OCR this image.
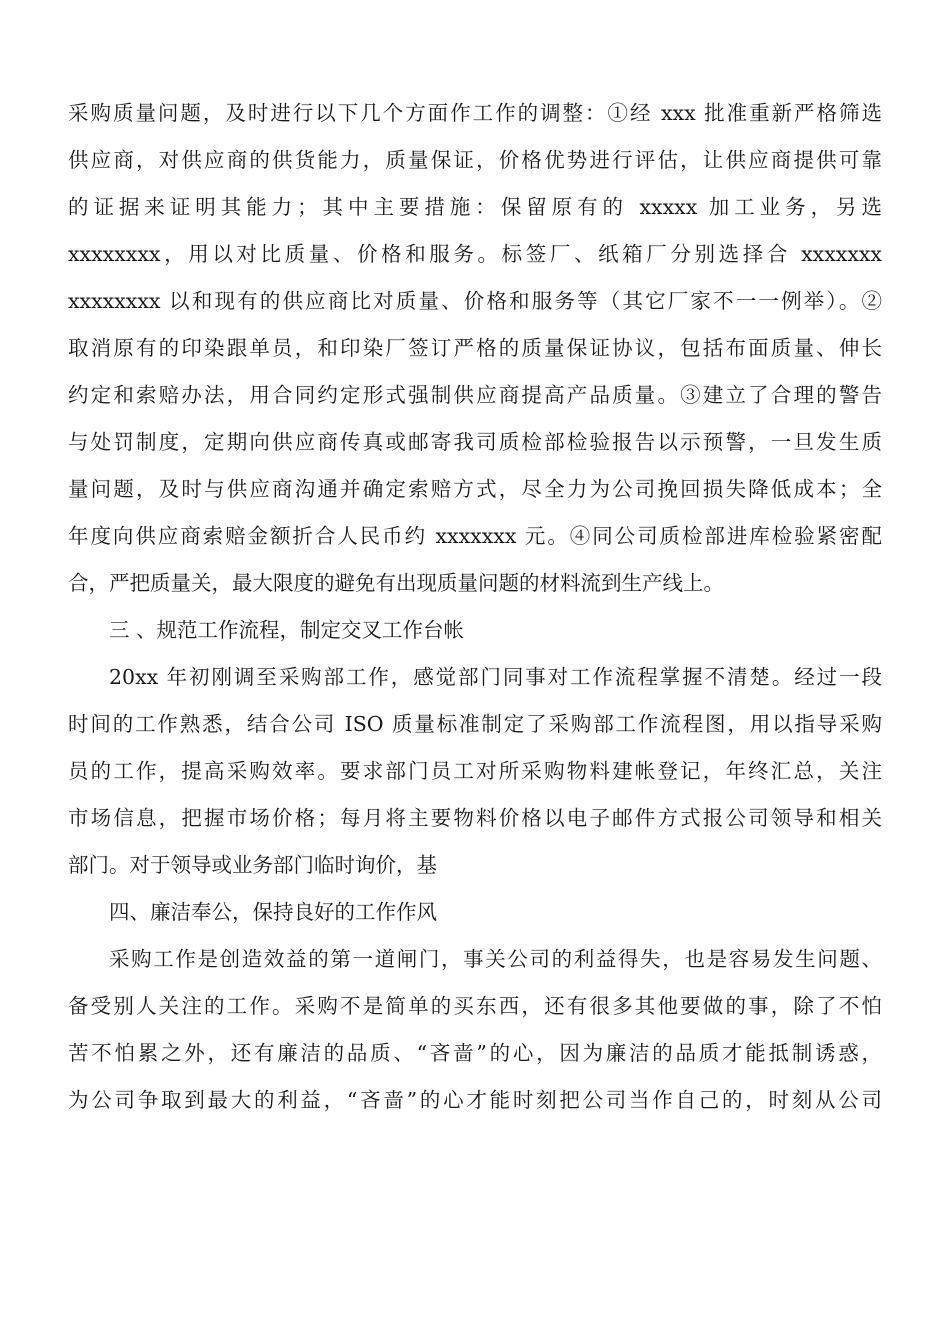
采购质量问题，及时进行以下几个方面作工作的调整：①经 xxx 批准重新严格筛选
供应商，对供应商的供货能力，质量保证，价格优势进行评估，让供应商提供可靠
的证据来证明其能力；其中主要措施：保留原有的 xxxxx 加工业务，另选
xxxxxxxx，用以对比质量、价格和服务。标签厂、纸箱厂分别选择合 xxxxxxx
xxxxxxxx 以和现有的供应商比对质量、价格和服务等（其它厂家不一一例举）。②
取消原有的印染跟单员，和印染厂签订严格的质量保证协议，包括布面质量、伸长
约定和索赔办法，用合同约定形式强制供应商提高产品质量。③建立了合理的警告
与处罚制度，定期向供应商传真或邮寄我司质检部检验报告以示预警，一旦发生质
量问题，及时与供应商沟通并确定索赔方式，尽全力为公司挽回损失降低成本；全
年度向供应商索赔金额折合人民币约 xxxxxxx 元。④同公司质检部进库检验紧密配
合，严把质量关，最大限度的避免有出现质量问题的材料流到生产线上。
三 、规范工作流程，制定交叉工作台帐
20xx 年初刚调至采购部工作，感觉部门同事对工作流程掌握不清楚。经过一段
时间的工作熟悉，结合公司 ISO 质量标准制定了采购部工作流程图，用以指导采购
员的工作，提高采购效率。要求部门员工对所采购物料建帐登记，年终汇总，关注
市场信息，把握市场价格；每月将主要物料价格以电子邮件方式报公司领导和相关
部门。对于领导或业务部门临时询价，基
四、廉洁奉公，保持良好的工作作风
采购工作是创造效益的第一道闸门，事关公司的利益得失，也是容易发生问题、
备受别人关注的工作。采购不是简单的买东西，还有很多其他要做的事，除了不怕
苦不怕累之外，还有廉洁的品质、“吝啬”的心，因为廉洁的品质才能抵制诱惑，
为公司争取到最大的利益，“吝啬”的心才能时刻把公司当作自己的，时刻从公司
